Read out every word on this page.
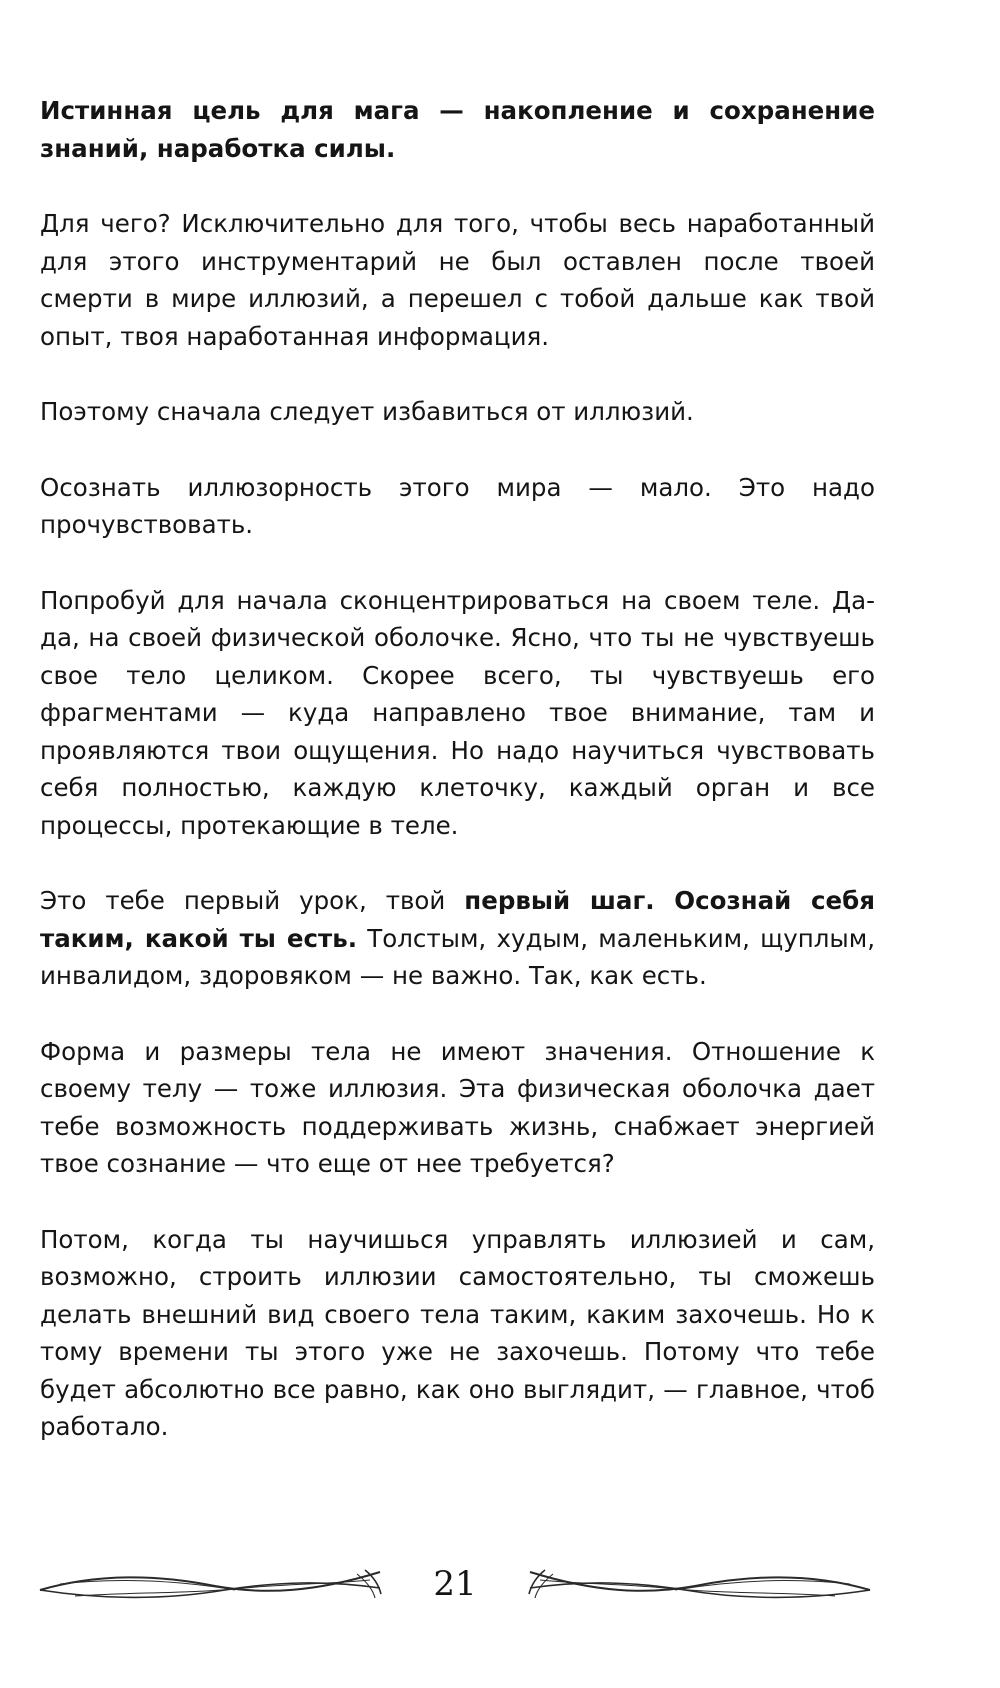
Истинная цель для мага — накопление и сохранение знаний, наработка силы.

Для чего? Исключительно для того, чтобы весь наработанный для этого инструментарий не был оставлен после твоей смерти в мире иллюзий, а перешел с тобой дальше как твой опыт, твоя наработанная информация.

Поэтому сначала следует избавиться от иллюзий.

Осознать иллюзорность этого мира — мало. Это надо прочувствовать.

Попробуй для начала сконцентрироваться на своем теле. Да-да, на своей физической оболочке. Ясно, что ты не чувствуешь свое тело целиком. Скорее всего, ты чувствуешь его фрагментами — куда направлено твое внимание, там и проявляются твои ощущения. Но надо научиться чувствовать себя полностью, каждую клеточку, каждый орган и все процессы, протекающие в теле.

Это тебе первый урок, твой первый шаг. Осознай себя таким, какой ты есть. Толстым, худым, маленьким, щуплым, инвалидом, здоровяком — не важно. Так, как есть.

Форма и размеры тела не имеют значения. Отношение к своему телу — тоже иллюзия. Эта физическая оболочка дает тебе возможность поддерживать жизнь, снабжает энергией твое сознание — что еще от нее требуется?

Потом, когда ты научишься управлять иллюзией и сам, возможно, строить иллюзии самостоятельно, ты сможешь делать внешний вид своего тела таким, каким захочешь. Но к тому времени ты этого уже не захочешь. Потому что тебе будет абсолютно все равно, как оно выглядит, — главное, чтоб работало.

21
